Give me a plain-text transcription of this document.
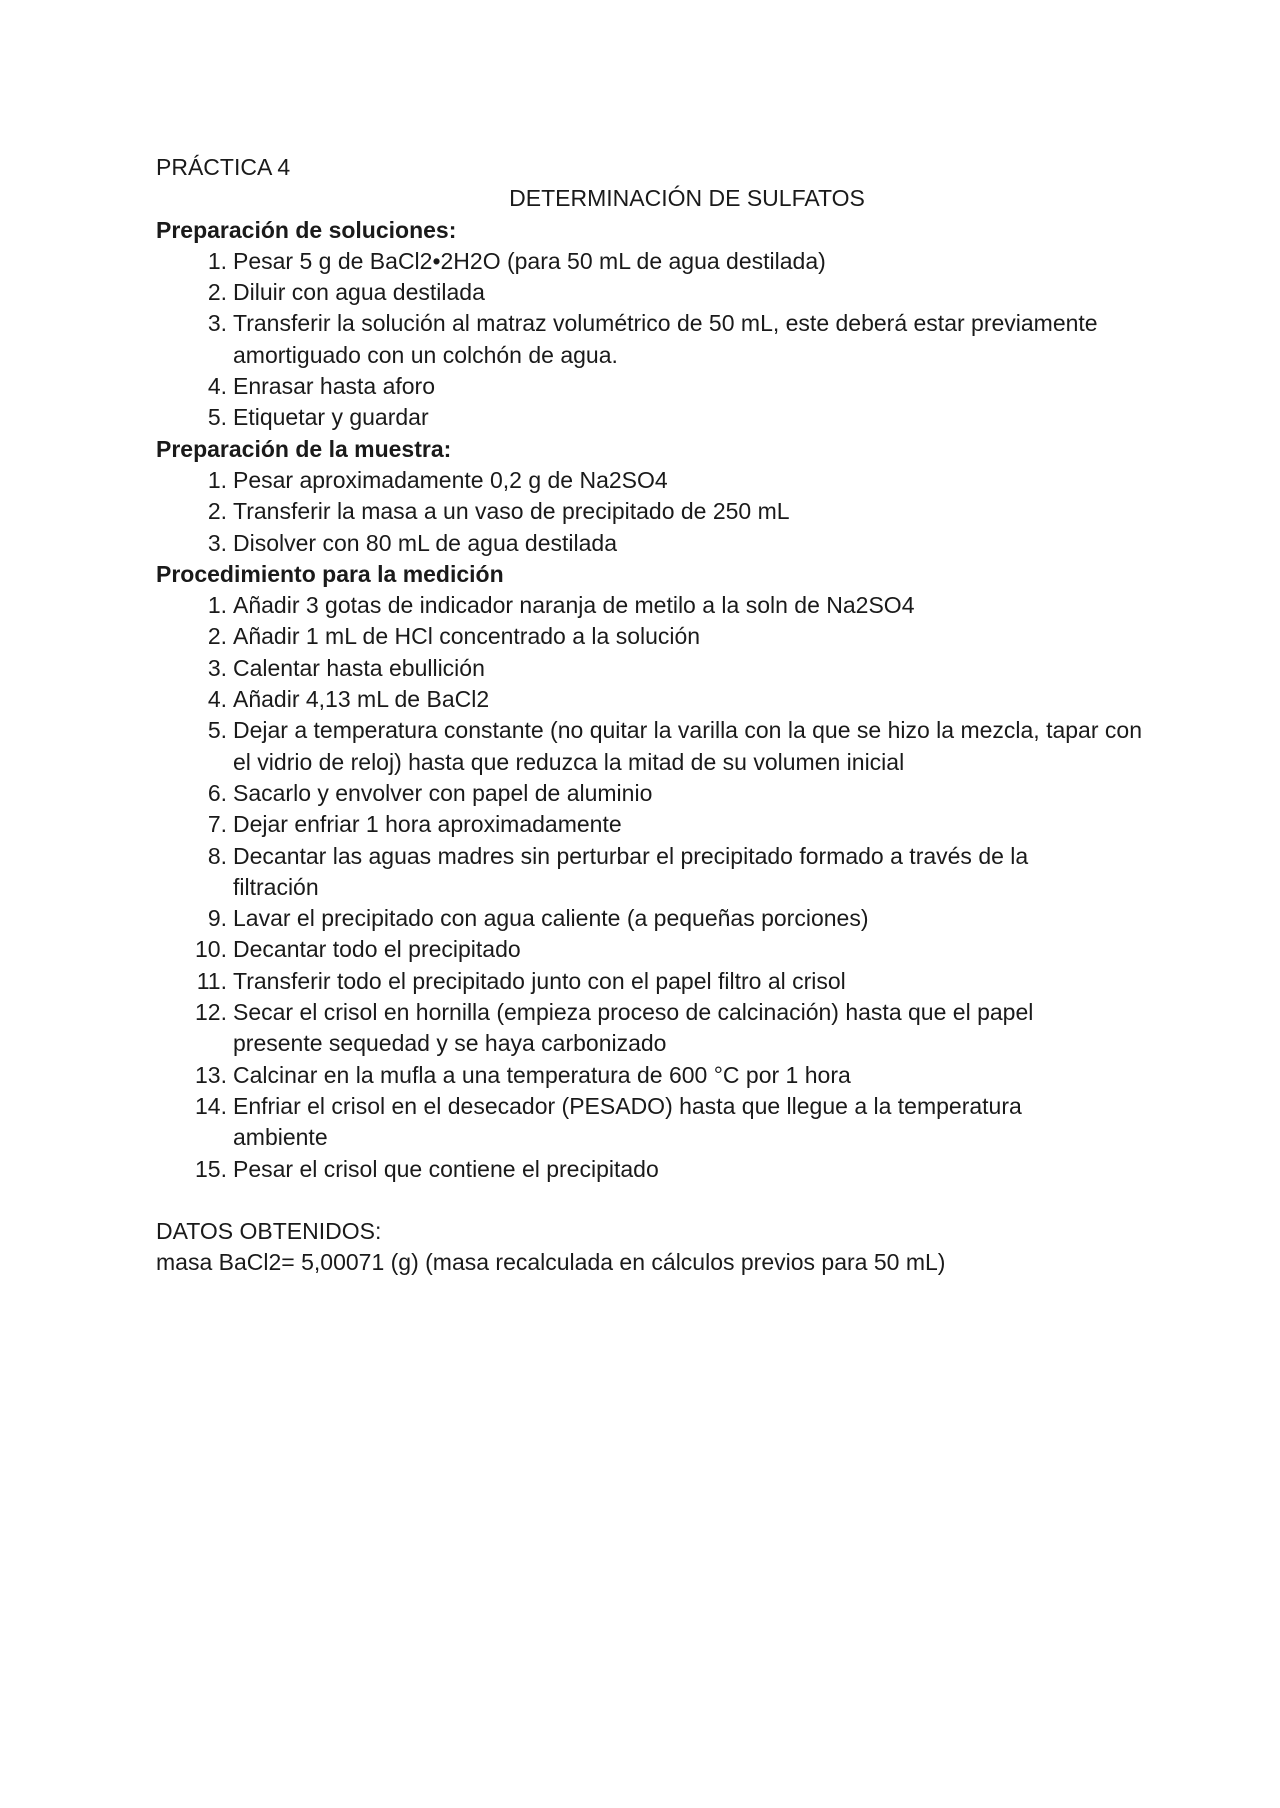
PRÁCTICA 4
DETERMINACIÓN DE SULFATOS
Preparación de soluciones:
1. Pesar 5 g de BaCl2•2H2O (para 50 mL de agua destilada)
2. Diluir con agua destilada
3. Transferir la solución al matraz volumétrico de 50 mL, este deberá estar previamente amortiguado con un colchón de agua.
4. Enrasar hasta aforo
5. Etiquetar y guardar
Preparación de la muestra:
1. Pesar aproximadamente 0,2 g de Na2SO4
2. Transferir la masa a un vaso de precipitado de 250 mL
3. Disolver con 80 mL de agua destilada
Procedimiento para la medición
1. Añadir 3 gotas de indicador naranja de metilo a la soln de Na2SO4
2. Añadir 1 mL de HCl concentrado a la solución
3. Calentar hasta ebullición
4. Añadir 4,13 mL de BaCl2
5. Dejar a temperatura constante (no quitar la varilla con la que se hizo la mezcla, tapar con el vidrio de reloj) hasta que reduzca la mitad de su volumen inicial
6. Sacarlo y envolver con papel de aluminio
7. Dejar enfriar 1 hora aproximadamente
8. Decantar las aguas madres sin perturbar el precipitado formado a través de la filtración
9. Lavar el precipitado con agua caliente (a pequeñas porciones)
10. Decantar todo el precipitado
11. Transferir todo el precipitado junto con el papel filtro al crisol
12. Secar el crisol en hornilla (empieza proceso de calcinación) hasta que el papel presente sequedad y se haya carbonizado
13. Calcinar en la mufla a una temperatura de 600 °C por 1 hora
14. Enfriar el crisol en el desecador (PESADO) hasta que llegue a la temperatura ambiente
15. Pesar el crisol que contiene el precipitado
DATOS OBTENIDOS:
masa BaCl2= 5,00071 (g) (masa recalculada en cálculos previos para 50 mL)
